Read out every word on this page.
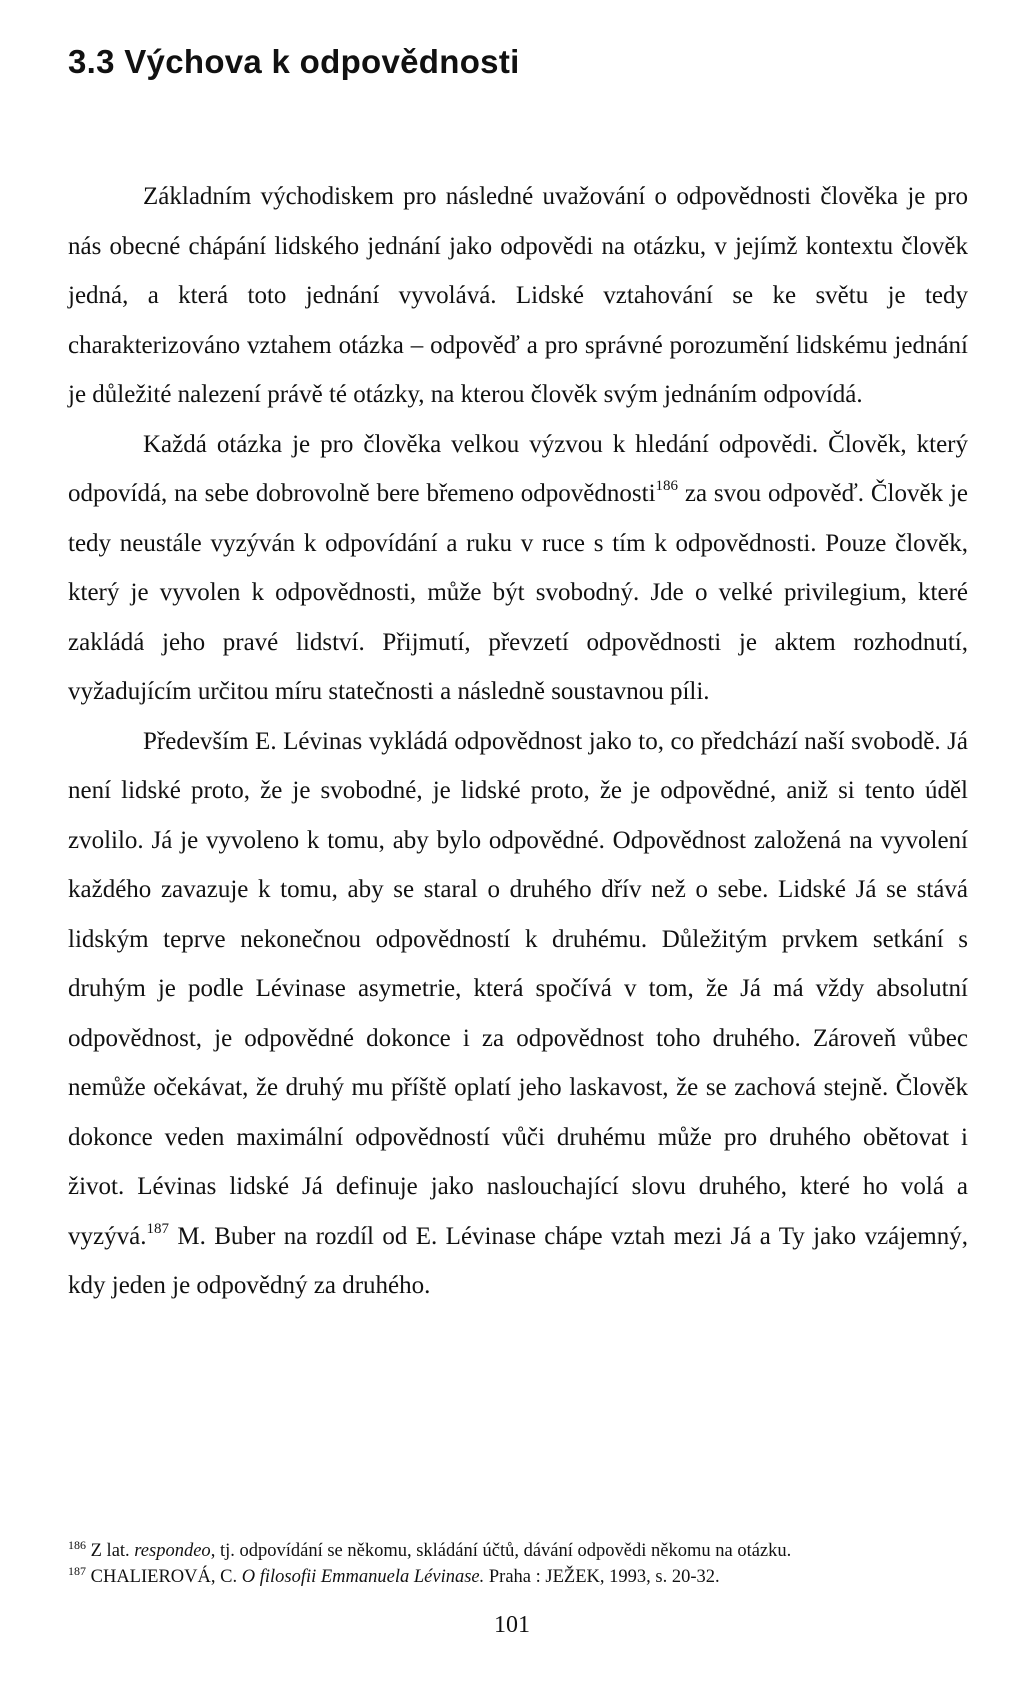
3.3 Výchova k odpovědnosti

Základním východiskem pro následné uvažování o odpovědnosti člověka je pro nás obecné chápání lidského jednání jako odpovědi na otázku, v jejímž kontextu člověk jedná, a která toto jednání vyvolává. Lidské vztahování se ke světu je tedy charakterizováno vztahem otázka – odpověď a pro správné porozumění lidskému jednání je důležité nalezení právě té otázky, na kterou člověk svým jednáním odpovídá.

Každá otázka je pro člověka velkou výzvou k hledání odpovědi. Člověk, který odpovídá, na sebe dobrovolně bere břemeno odpovědnosti$^{186}$ za svou odpověď. Člověk je tedy neustále vyzýván k odpovídání a ruku v ruce s tím k odpovědnosti. Pouze člověk, který je vyvolen k odpovědnosti, může být svobodný. Jde o velké privilegium, které zakládá jeho pravé lidství. Přijmutí, převzetí odpovědnosti je aktem rozhodnutí, vyžadujícím určitou míru statečnosti a následně soustavnou píli.

Především E. Lévinas vykládá odpovědnost jako to, co předchází naší svobodě. Já není lidské proto, že je svobodné, je lidské proto, že je odpovědné, aniž si tento úděl zvolilo. Já je vyvoleno k tomu, aby bylo odpovědné. Odpovědnost založená na vyvolení každého zavazuje k tomu, aby se staral o druhého dřív než o sebe. Lidské Já se stává lidským teprve nekonečnou odpovědností k druhému. Důležitým prvkem setkání s druhým je podle Lévinase asymetrie, která spočívá v tom, že Já má vždy absolutní odpovědnost, je odpovědné dokonce i za odpovědnost toho druhého. Zároveň vůbec nemůže očekávat, že druhý mu příště oplatí jeho laskavost, že se zachová stejně. Člověk dokonce veden maximální odpovědností vůči druhému může pro druhého obětovat i život. Lévinas lidské Já definuje jako naslouchající slovu druhého, které ho volá a vyzývá.$^{187}$ M. Buber na rozdíl od E. Lévinase chápe vztah mezi Já a Ty jako vzájemný, kdy jeden je odpovědný za druhého.

$^{186}$ Z lat. respondeo, tj. odpovídání se někomu, skládání účtů, dávání odpovědi někomu na otázku.

$^{187}$ CHALIEROVÁ, C. O filosofii Emmanuela Lévinase. Praha : JEŽEK, 1993, s. 20-32.

101
